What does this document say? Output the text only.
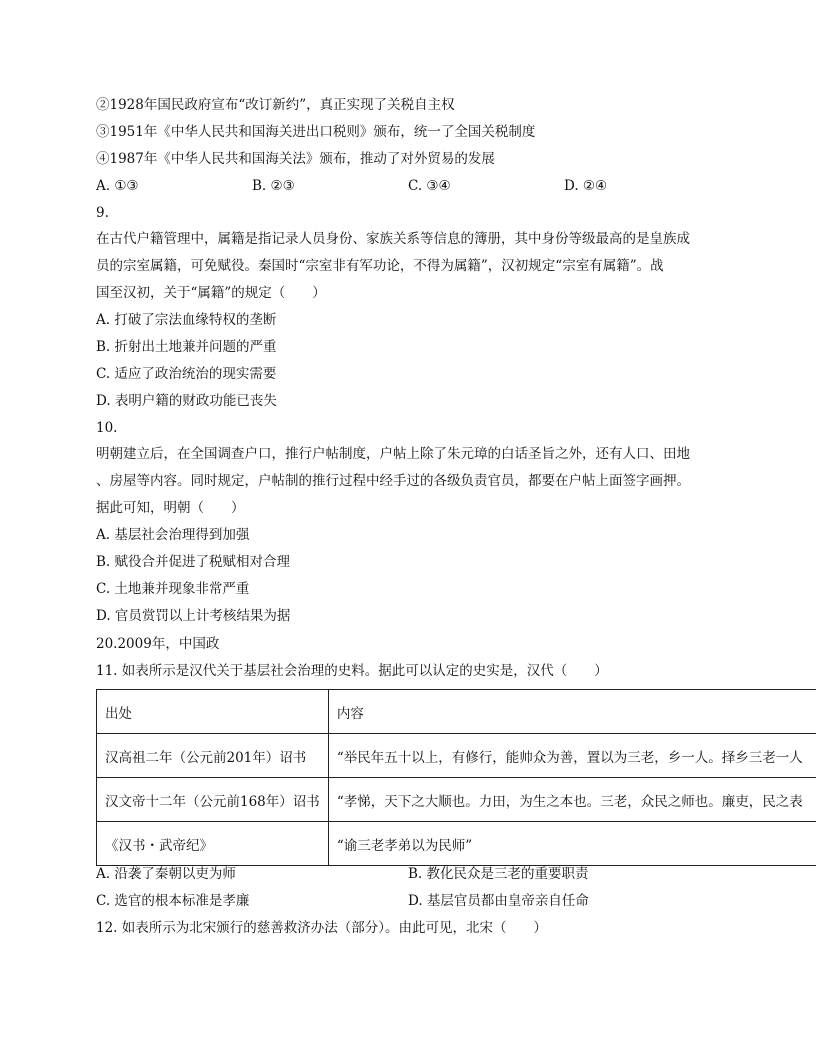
②1928年国民政府宣布“改订新约”，真正实现了关税自主权
③1951年《中华人民共和国海关进出口税则》颁布，统一了全国关税制度
④1987年《中华人民共和国海关法》颁布，推动了对外贸易的发展
A. ①③	B. ②③	C. ③④	D. ②④
9.
在古代户籍管理中，属籍是指记录人员身份、家族关系等信息的簿册，其中身份等级最高的是皇族成
员的宗室属籍，可免赋役。秦国时“宗室非有军功论，不得为属籍”，汉初规定“宗室有属籍”。战
国至汉初，关于“属籍”的规定（　　）
A. 打破了宗法血缘特权的垄断
B. 折射出土地兼并问题的严重
C. 适应了政治统治的现实需要
D. 表明户籍的财政功能已丧失
10.
明朝建立后，在全国调查户口，推行户帖制度，户帖上除了朱元璋的白话圣旨之外，还有人口、田地
、房屋等内容。同时规定，户帖制的推行过程中经手过的各级负责官员，都要在户帖上面签字画押。
据此可知，明朝（　　）
A. 基层社会治理得到加强
B. 赋役合并促进了税赋相对合理
C. 土地兼并现象非常严重
D. 官员赏罚以上计考核结果为据
20.2009年，中国政
11. 如表所示是汉代关于基层社会治理的史料。据此可以认定的史实是，汉代（　　）
出处	内容
汉高祖二年（公元前201年）诏书	“举民年五十以上，有修行，能帅众为善，置以为三老，乡一人。择乡三老一人
汉文帝十二年（公元前168年）诏书	“孝悌，天下之大顺也。力田，为生之本也。三老，众民之师也。廉吏，民之表
《汉书・武帝纪》	“谕三老孝弟以为民师”
A. 沿袭了秦朝以吏为师	B. 教化民众是三老的重要职责
C. 选官的根本标准是孝廉	D. 基层官员都由皇帝亲自任命
12. 如表所示为北宋颁行的慈善救济办法（部分）。由此可见，北宋（　　）
